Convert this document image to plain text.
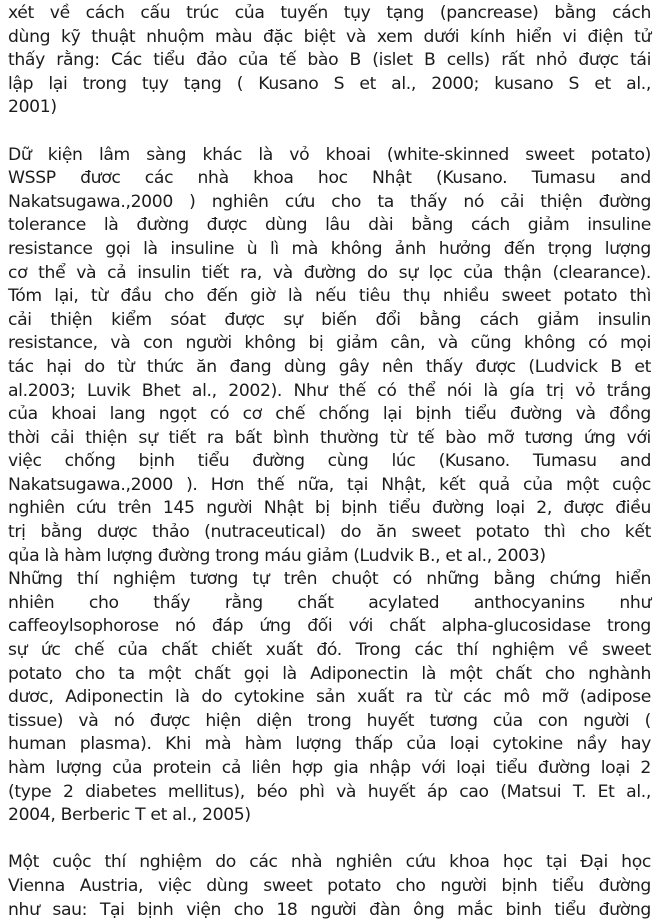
xét về cách cấu trúc của tuyến tụy tạng (pancrease) bằng cách
dùng kỹ thuật nhuộm màu đặc biệt và xem dưới kính hiển vi điện tử
thấy rằng: Các tiểu đảo của tế bào B (islet B cells) rất nhỏ được tái
lập lại trong tụy tạng ( Kusano S et al., 2000; kusano S et al.,
2001)
Dữ kiện lâm sàng khác là vỏ khoai (white-skinned sweet potato)
WSSP đươc các nhà khoa hoc Nhật (Kusano. Tumasu and
Nakatsugawa.,2000 ) nghiên cứu cho ta thấy nó cải thiện đường
tolerance là đường được dùng lâu dài bằng cách giảm insuline
resistance gọi là insuline ù lì mà không ảnh hưởng đến trọng lượng
cơ thể và cả insulin tiết ra, và đường do sự lọc của thận (clearance).
Tóm lại, từ đầu cho đến giờ là nếu tiêu thụ nhiều sweet potato thì
cải thiện kiểm sóat được sự biến đổi bằng cách giảm insulin
resistance, và con người không bị giảm cân, và cũng không có mọi
tác hại do từ thức ăn đang dùng gây nên thấy được (Ludvick B et
al.2003; Luvik Bhet al., 2002). Như thế có thể nói là gía trị vỏ trắng
của khoai lang ngọt có cơ chế chống lại bịnh tiểu đường và đồng
thời cải thiện sự tiết ra bất bình thường từ tế bào mỡ tương ứng với
việc chống bịnh tiểu đường cùng lúc (Kusano. Tumasu and
Nakatsugawa.,2000 ). Hơn thế nữa, tại Nhật, kết quả của một cuộc
nghiên cứu trên 145 người Nhật bị bịnh tiểu đường loại 2, được điều
trị bằng dược thảo (nutraceutical) do ăn sweet potato thì cho kết
qủa là hàm lượng đường trong máu giảm (Ludvik B., et al., 2003)
Những thí nghiệm tương tự trên chuột có những bằng chứng hiển
nhiên cho thấy rằng chất acylated anthocyanins như
caffeoylsophorose nó đáp ứng đối với chất alpha-glucosidase trong
sự ức chế của chất chiết xuất đó. Trong các thí nghiệm về sweet
potato cho ta một chất gọi là Adiponectin là một chất cho nghành
dươc, Adiponectin là do cytokine sản xuất ra từ các mô mỡ (adipose
tissue) và nó được hiện diện trong huyết tương của con người (
human plasma). Khi mà hàm lượng thấp của loại cytokine nầy hay
hàm lượng của protein cả liên hợp gia nhập với loại tiểu đường loại 2
(type 2 diabetes mellitus), béo phì và huyết áp cao (Matsui T. Et al.,
2004, Berberic T et al., 2005)
Một cuộc thí nghiệm do các nhà nghiên cứu khoa học tại Đại học
Vienna Austria, việc dùng sweet potato cho người bịnh tiểu đường
như sau: Tại bịnh viện cho 18 người đàn ông mắc binh tiểu đường
